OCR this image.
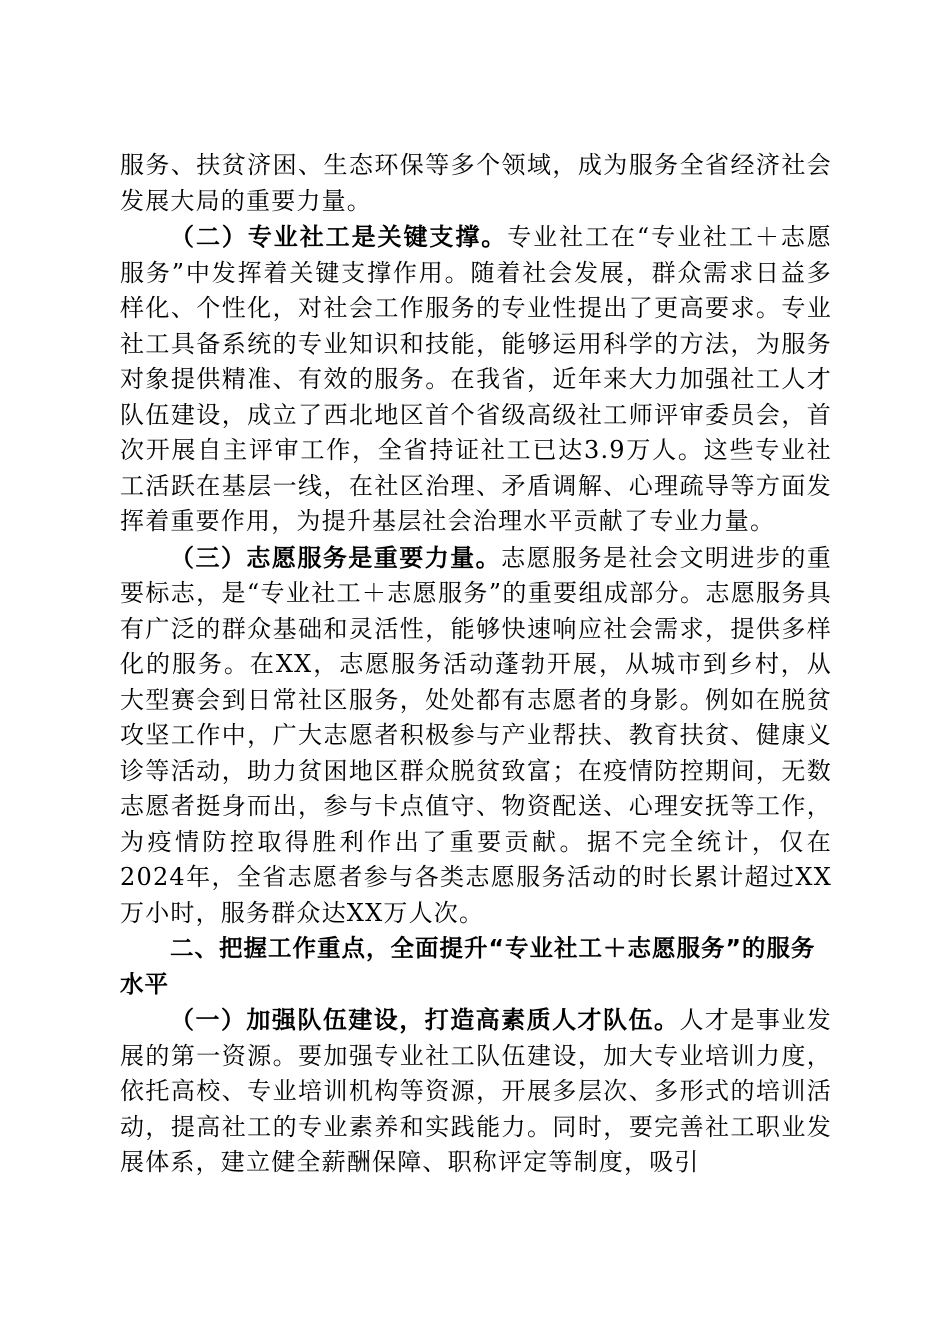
服务、扶贫济困、生态环保等多个领域，成为服务全省经济社会发展大局的重要力量。

（二）专业社工是关键支撑。专业社工在“专业社工＋志愿服务”中发挥着关键支撑作用。随着社会发展，群众需求日益多样化、个性化，对社会工作服务的专业性提出了更高要求。专业社工具备系统的专业知识和技能，能够运用科学的方法，为服务对象提供精准、有效的服务。在我省，近年来大力加强社工人才队伍建设，成立了西北地区首个省级高级社工师评审委员会，首次开展自主评审工作，全省持证社工已达3.9万人。这些专业社工活跃在基层一线，在社区治理、矛盾调解、心理疏导等方面发挥着重要作用，为提升基层社会治理水平贡献了专业力量。

（三）志愿服务是重要力量。志愿服务是社会文明进步的重要标志，是“专业社工＋志愿服务”的重要组成部分。志愿服务具有广泛的群众基础和灵活性，能够快速响应社会需求，提供多样化的服务。在XX，志愿服务活动蓬勃开展，从城市到乡村，从大型赛会到日常社区服务，处处都有志愿者的身影。例如在脱贫攻坚工作中，广大志愿者积极参与产业帮扶、教育扶贫、健康义诊等活动，助力贫困地区群众脱贫致富；在疫情防控期间，无数志愿者挺身而出，参与卡点值守、物资配送、心理安抚等工作，为疫情防控取得胜利作出了重要贡献。据不完全统计，仅在2024年，全省志愿者参与各类志愿服务活动的时长累计超过XX万小时，服务群众达XX万人次。

二、把握工作重点，全面提升“专业社工＋志愿服务”的服务水平

（一）加强队伍建设，打造高素质人才队伍。人才是事业发展的第一资源。要加强专业社工队伍建设，加大专业培训力度，依托高校、专业培训机构等资源，开展多层次、多形式的培训活动，提高社工的专业素养和实践能力。同时，要完善社工职业发展体系，建立健全薪酬保障、职称评定等制度，吸引
